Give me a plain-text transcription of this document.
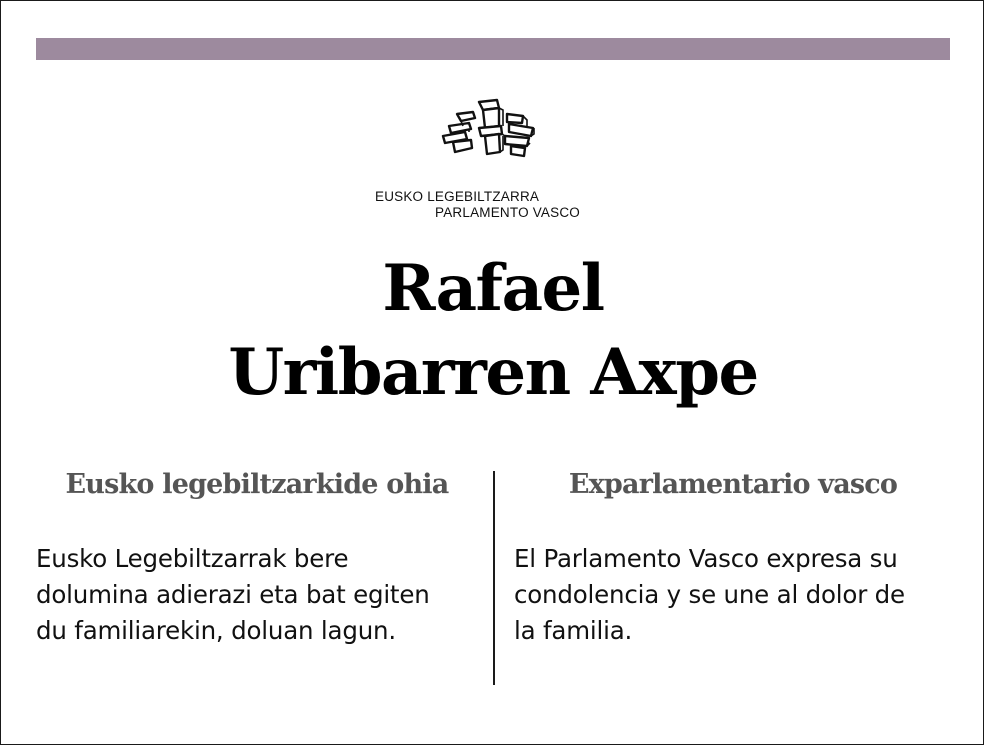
EUSKO LEGEBILTZARRA
PARLAMENTO VASCO
Rafael
Uribarren Axpe
Eusko legebiltzarkide ohia	Exparlamentario vasco
Eusko Legebiltzarrak bere
dolumina adierazi eta bat egiten
du familiarekin, doluan lagun.
El Parlamento Vasco expresa su
condolencia y se une al dolor de
la familia.
